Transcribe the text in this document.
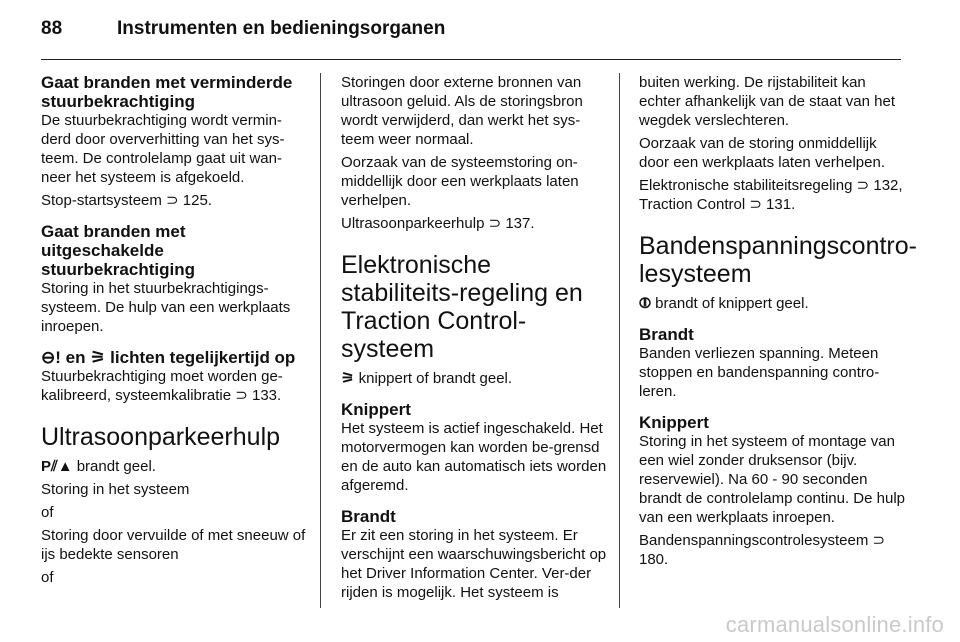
88	Instrumenten en bedieningsorganen
Gaat branden met verminderde stuurbekrachtiging

De stuurbekrachtiging wordt vermin-derd door oververhitting van het sys-teem. De controlelamp gaat uit wan-neer het systeem is afgekoeld.

Stop-startsysteem ⊃ 125.

Gaat branden met uitgeschakelde stuurbekrachtiging

Storing in het stuurbekrachtigings-systeem. De hulp van een werkplaats inroepen.

⊖! en ⚞ lichten tegelijkertijd op

Stuurbekrachtiging moet worden ge-kalibreerd, systeemkalibratie ⊃ 133.

Ultrasoonparkeerhulp

P⫽▲ brandt geel.

Storing in het systeem

of

Storing door vervuilde of met sneeuw of ijs bedekte sensoren

of

Storingen door externe bronnen van ultrasoon geluid. Als de storingsbron wordt verwijderd, dan werkt het sys-teem weer normaal.

Oorzaak van de systeemstoring on-middellijk door een werkplaats laten verhelpen.

Ultrasoonparkeerhulp ⊃ 137.

Elektronische stabiliteits-regeling en Traction Control-systeem

⚞ knippert of brandt geel.

Knippert

Het systeem is actief ingeschakeld. Het motorvermogen kan worden be-grensd en de auto kan automatisch iets worden afgeremd.

Brandt

Er zit een storing in het systeem. Er verschijnt een waarschuwingsbericht op het Driver Information Center. Ver-der rijden is mogelijk. Het systeem is

buiten werking. De rijstabiliteit kan echter afhankelijk van de staat van het wegdek verslechteren.

Oorzaak van de storing onmiddellijk door een werkplaats laten verhelpen.

Elektronische stabiliteitsregeling ⊃ 132, Traction Control ⊃ 131.

Bandenspanningscontro-lesysteem

⦷ brandt of knippert geel.

Brandt

Banden verliezen spanning. Meteen stoppen en bandenspanning contro-leren.

Knippert

Storing in het systeem of montage van een wiel zonder druksensor (bijv. reservewiel). Na 60 - 90 seconden brandt de controlelamp continu. De hulp van een werkplaats inroepen.

Bandenspanningscontrolesysteem ⊃ 180.

carmanualsonline.info
